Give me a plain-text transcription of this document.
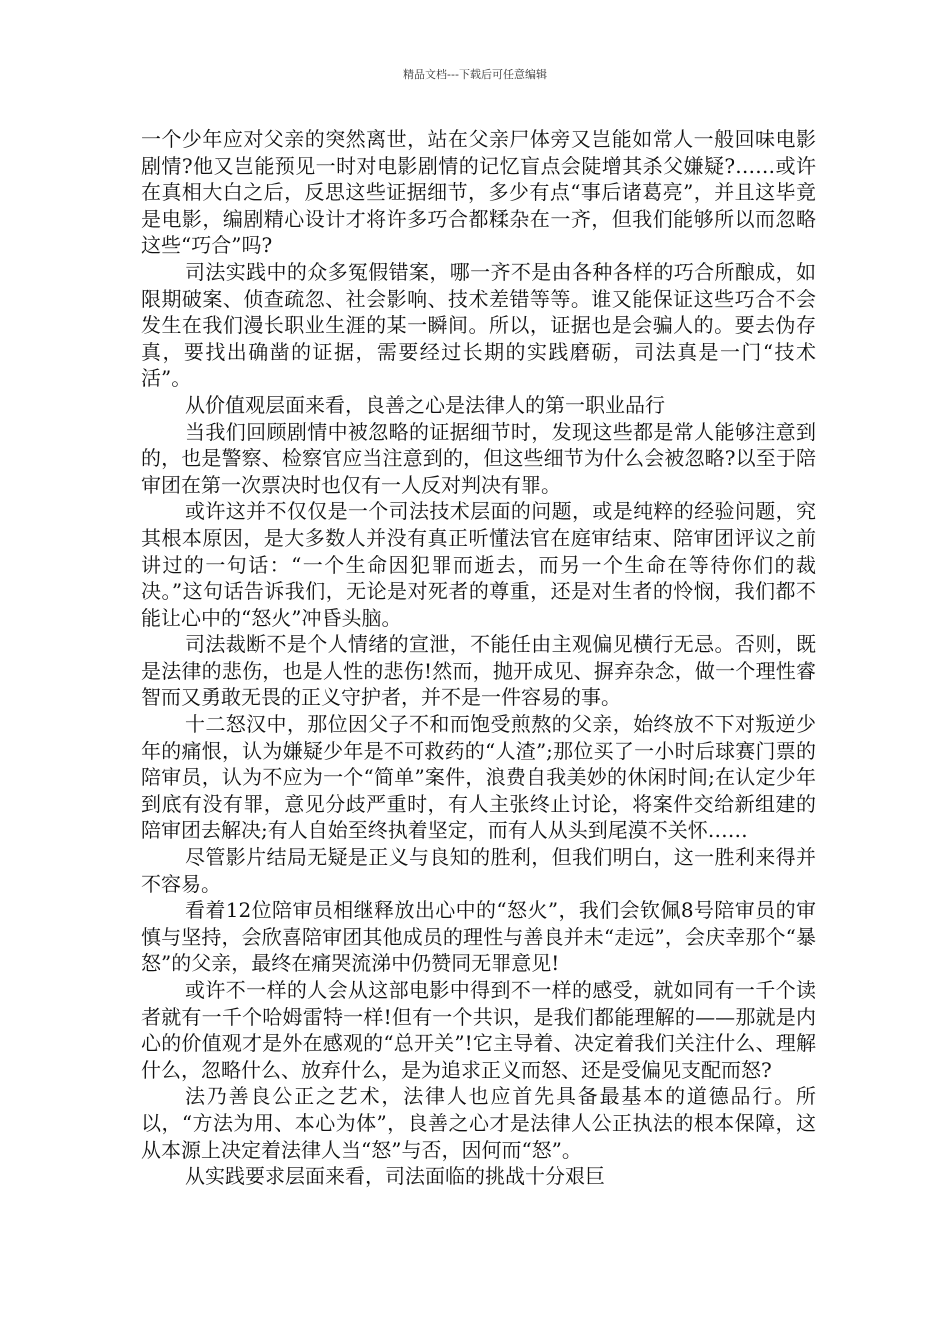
精品文档---下载后可任意编辑

一个少年应对父亲的突然离世，站在父亲尸体旁又岂能如常人一般回味电影剧情?他又岂能预见一时对电影剧情的记忆盲点会陡增其杀父嫌疑?……或许在真相大白之后，反思这些证据细节，多少有点“事后诸葛亮”，并且这毕竟是电影，编剧精心设计才将许多巧合都糅杂在一齐，但我们能够所以而忽略这些“巧合”吗?

司法实践中的众多冤假错案，哪一齐不是由各种各样的巧合所酿成，如限期破案、侦查疏忽、社会影响、技术差错等等。谁又能保证这些巧合不会发生在我们漫长职业生涯的某一瞬间。所以，证据也是会骗人的。要去伪存真，要找出确凿的证据，需要经过长期的实践磨砺，司法真是一门“技术活”。

从价值观层面来看，良善之心是法律人的第一职业品行

当我们回顾剧情中被忽略的证据细节时，发现这些都是常人能够注意到的，也是警察、检察官应当注意到的，但这些细节为什么会被忽略?以至于陪审团在第一次票决时也仅有一人反对判决有罪。

或许这并不仅仅是一个司法技术层面的问题，或是纯粹的经验问题，究其根本原因，是大多数人并没有真正听懂法官在庭审结束、陪审团评议之前讲过的一句话：“一个生命因犯罪而逝去，而另一个生命在等待你们的裁决。”这句话告诉我们，无论是对死者的尊重，还是对生者的怜悯，我们都不能让心中的“怒火”冲昏头脑。

司法裁断不是个人情绪的宣泄，不能任由主观偏见横行无忌。否则，既是法律的悲伤，也是人性的悲伤!然而，抛开成见、摒弃杂念，做一个理性睿智而又勇敢无畏的正义守护者，并不是一件容易的事。

十二怒汉中，那位因父子不和而饱受煎熬的父亲，始终放不下对叛逆少年的痛恨，认为嫌疑少年是不可救药的“人渣”;那位买了一小时后球赛门票的陪审员，认为不应为一个“简单”案件，浪费自我美妙的休闲时间;在认定少年到底有没有罪，意见分歧严重时，有人主张终止讨论，将案件交给新组建的陪审团去解决;有人自始至终执着坚定，而有人从头到尾漠不关怀……

尽管影片结局无疑是正义与良知的胜利，但我们明白，这一胜利来得并不容易。

看着12位陪审员相继释放出心中的“怒火”，我们会钦佩8号陪审员的审慎与坚持，会欣喜陪审团其他成员的理性与善良并未“走远”，会庆幸那个“暴怒”的父亲，最终在痛哭流涕中仍赞同无罪意见!

或许不一样的人会从这部电影中得到不一样的感受，就如同有一千个读者就有一千个哈姆雷特一样!但有一个共识，是我们都能理解的——那就是内心的价值观才是外在感观的“总开关”!它主导着、决定着我们关注什么、理解什么，忽略什么、放弃什么，是为追求正义而怒、还是受偏见支配而怒?

法乃善良公正之艺术，法律人也应首先具备最基本的道德品行。所以，“方法为用、本心为体”，良善之心才是法律人公正执法的根本保障，这从本源上决定着法律人当“怒”与否，因何而“怒”。

从实践要求层面来看，司法面临的挑战十分艰巨
